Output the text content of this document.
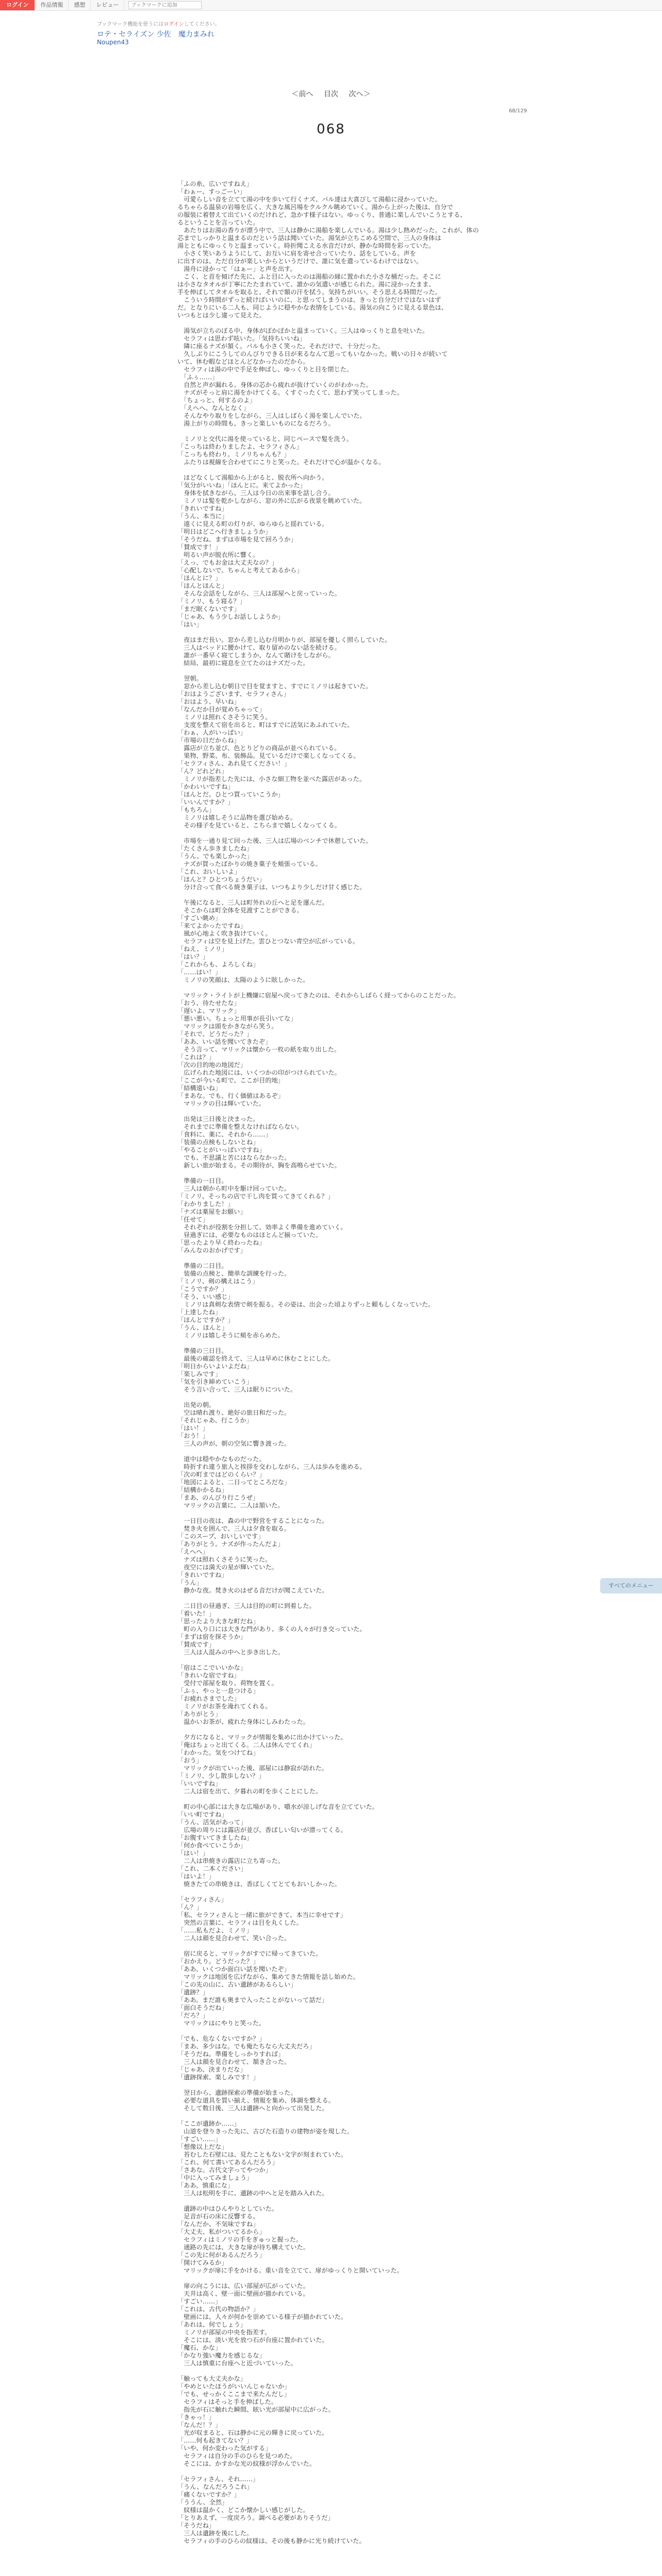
ログイン	作品情報	感想	レビュー
ブックマークに追加
ブックマーク機能を使うにはログインしてください。
ロテ・セライズン 少佐　魔力まみれ
Noupen43
＜前へ 目次 次へ＞
68/129
068
「ふの糸、広いですねえ」
「わぁー、すっごーい」
　可愛らしい音を立てて湯の中を歩いて行くナズ、パル達は大喜びして湯船に浸かっていた。
るちゃらる温泉の岩場を広く、大きな風呂場をクルクル眺めていく。湯から上がった後は、自分で
の服装に着替えて出ていくのだけれど、急かす様子はない。ゆっくり、普通に楽しんでいこうとする、
るということを言っていた。
　あたりはお湯の香りが漂う中で、三人は静かに湯船を楽しんでいる。湯は少し熱めだった。これが、体の
芯までしっかりと温まるのだという話は聞いていた。湯気が立ちこめる空間で、三人の身体は
湯とともにゆっくりと温まっていく。時折聞こえる水音だけが、静かな時間を彩っていた。
　小さく笑いあうようにして、お互いに肩を寄せ合っていたり、話をしている。声を
に出すのは、ただ自分が楽しいからというだけで、誰に気を遣っているわけではない。
　湯舟に浸かって「はぁー」と声を出す。
　こく、と首を傾げた先に、ふと目に入ったのは湯船の縁に置かれた小さな桶だった。そこに
は小さなタオルが丁寧にたたまれていて、誰かの気遣いが感じられた。湯に浸かったまま、
手を伸ばしてタオルを取ると、それで額の汗を拭う。気持ちがいい。そう思える時間だった。
　こういう時間がずっと続けばいいのに、と思ってしまうのは、きっと自分だけではないはず
だ。となりにいる二人も、同じように穏やかな表情をしている。湯気の向こうに見える景色は、
いつもとは少し違って見えた。
　湯気が立ちのぼる中、身体がぽかぽかと温まっていく。三人はゆっくりと息を吐いた。
　セラフィは思わず呟いた。「気持ちいいね」
　隣に座るナズが頷く。パルも小さく笑った。それだけで、十分だった。
　久しぶりにこうしてのんびりできる日が来るなんて思ってもいなかった。戦いの日々が続いて
いて、休む暇などほとんどなかったのだから。
　セラフィは湯の中で手足を伸ばし、ゆっくりと目を閉じた。
　「ふぅ……」
　自然と声が漏れる。身体の芯から疲れが抜けていくのがわかった。
　ナズがそっと肩に湯をかけてくる。くすぐったくて、思わず笑ってしまった。
　「ちょっと、何するのよ」
　「えへへ、なんとなく」
　そんなやり取りをしながら、三人はしばらく湯を楽しんでいた。
　湯上がりの時間も、きっと楽しいものになるだろう。
　ミノリと交代に湯を使っていると、同じペースで髪を洗う。
「こっちは終わりましたよ、セラフィさん」
「こっちも終わり。ミノリちゃんも？」
　ふたりは視線を合わせてにこりと笑った。それだけで心が温かくなる。
　ほどなくして湯船から上がると、脱衣所へ向かう。
「気分がいいね」「ほんとに。来てよかった」
　身体を拭きながら、三人は今日の出来事を話し合う。
　ミノリは髪を乾かしながら、窓の外に広がる夜景を眺めていた。
「きれいですね」
「うん、本当に」
　遠くに見える町の灯りが、ゆらゆらと揺れている。
「明日はどこへ行きましょうか」
「そうだね、まずは市場を見て回ろうか」
「賛成です！」
　明るい声が脱衣所に響く。
「えっ、でもお金は大丈夫なの？」
「心配しないで。ちゃんと考えてあるから」
「ほんとに？」
「ほんとほんと」
　そんな会話をしながら、三人は部屋へと戻っていった。
「ミノリ、もう寝る？」
「まだ眠くないです」
「じゃあ、もう少しお話ししようか」
「はい」
　夜はまだ長い。窓から差し込む月明かりが、部屋を優しく照らしていた。
　三人はベッドに腰かけて、取り留めのない話を続ける。
　誰が一番早く寝てしまうか、なんて賭けをしながら。
　結局、最初に寝息を立てたのはナズだった。
　翌朝。
　窓から差し込む朝日で目を覚ますと、すでにミノリは起きていた。
「おはようございます、セラフィさん」
「おはよう、早いね」
「なんだか目が覚めちゃって」
　ミノリは照れくさそうに笑う。
　支度を整えて宿を出ると、町はすでに活気にあふれていた。
「わぁ、人がいっぱい」
「市場の日だからね」
　露店が立ち並び、色とりどりの商品が並べられている。
　果物、野菜、布、装飾品。見ているだけで楽しくなってくる。
「セラフィさん、あれ見てください！」
「ん？どれどれ」
　ミノリが指差した先には、小さな細工物を並べた露店があった。
「かわいいですね」
「ほんとだ。ひとつ買っていこうか」
「いいんですか？」
「もちろん」
　ミノリは嬉しそうに品物を選び始める。
　その様子を見ていると、こちらまで嬉しくなってくる。
　市場を一通り見て回った後、三人は広場のベンチで休憩していた。
「たくさん歩きましたね」
「うん、でも楽しかった」
　ナズが買ったばかりの焼き菓子を頬張っている。
「これ、おいしいよ」
「ほんと？ひとつちょうだい」
　分け合って食べる焼き菓子は、いつもより少しだけ甘く感じた。
　午後になると、三人は町外れの丘へと足を運んだ。
　そこからは町全体を見渡すことができる。
「すごい眺め」
「来てよかったですね」
　風が心地よく吹き抜けていく。
　セラフィは空を見上げた。雲ひとつない青空が広がっている。
「ねえ、ミノリ」
「はい？」
「これからも、よろしくね」
「……はい！」
　ミノリの笑顔は、太陽のように眩しかった。
　マリック・ライトが上機嫌に宿屋へ戻ってきたのは、それからしばらく経ってからのことだった。
「おう、待たせたな」
「遅いよ、マリック」
「悪い悪い。ちょっと用事が長引いてな」
　マリックは頭をかきながら笑う。
「それで、どうだった？」
「ああ、いい話を聞いてきたぞ」
　そう言って、マリックは懐から一枚の紙を取り出した。
「これは？」
「次の目的地の地図だ」
　広げられた地図には、いくつかの印がつけられていた。
「ここが今いる町で、ここが目的地」
「結構遠いね」
「まあな。でも、行く価値はあるぞ」
　マリックの目は輝いていた。
　出発は三日後と決まった。
　それまでに準備を整えなければならない。
「食料に、薬に、それから……」
「装備の点検もしないとね」
「やることがいっぱいですね」
　でも、不思議と苦にはならなかった。
　新しい旅が始まる。その期待が、胸を高鳴らせていた。
　準備の一日目。
　三人は朝から町中を駆け回っていた。
「ミノリ、そっちの店で干し肉を買ってきてくれる？」
「わかりました！」
「ナズは薬屋をお願い」
「任せて」
　それぞれが役割を分担して、効率よく準備を進めていく。
　昼過ぎには、必要なものはほとんど揃っていた。
「思ったより早く終わったね」
「みんなのおかげです」
　準備の二日目。
　装備の点検と、簡単な訓練を行った。
「ミノリ、剣の構えはこう」
「こうですか？」
「そう、いい感じ」
　ミノリは真剣な表情で剣を振る。その姿は、出会った頃よりずっと頼もしくなっていた。
「上達したね」
「ほんとですか？」
「うん、ほんと」
　ミノリは嬉しそうに頬を赤らめた。
　準備の三日目。
　最後の確認を終えて、三人は早めに休むことにした。
「明日からいよいよだね」
「楽しみです」
「気を引き締めていこう」
　そう言い合って、三人は眠りについた。
　出発の朝。
　空は晴れ渡り、絶好の旅日和だった。
「それじゃあ、行こうか」
「はい！」
「おう！」
　三人の声が、朝の空気に響き渡った。
　道中は穏やかなものだった。
　時折すれ違う旅人と挨拶を交わしながら、三人は歩みを進める。
「次の町まではどのくらい？」
「地図によると、二日ってところだな」
「結構かかるね」
「まあ、のんびり行こうぜ」
　マリックの言葉に、二人は頷いた。
　一日目の夜は、森の中で野営をすることになった。
　焚き火を囲んで、三人は夕食を取る。
「このスープ、おいしいです」
「ありがとう。ナズが作ったんだよ」
「えへへ」
　ナズは照れくさそうに笑った。
　夜空には満天の星が輝いていた。
「きれいですね」
「うん」
　静かな夜。焚き火のはぜる音だけが聞こえていた。
　二日目の昼過ぎ、三人は目的の町に到着した。
「着いた！」
「思ったより大きな町だね」
　町の入り口には大きな門があり、多くの人々が行き交っていた。
「まずは宿を探そうか」
「賛成です」
　三人は人混みの中へと歩き出した。
「宿はここでいいかな」
「きれいな宿ですね」
　受付で部屋を取り、荷物を置く。
「ふぅ、やっと一息つける」
「お疲れさまでした」
　ミノリがお茶を淹れてくれる。
「ありがとう」
　温かいお茶が、疲れた身体にしみわたった。
　夕方になると、マリックが情報を集めに出かけていった。
「俺はちょっと出てくる。二人は休んでてくれ」
「わかった。気をつけてね」
「おう」
　マリックが出ていった後、部屋には静寂が訪れた。
「ミノリ、少し散歩しない？」
「いいですね」
　二人は宿を出て、夕暮れの町を歩くことにした。
　町の中心部には大きな広場があり、噴水が涼しげな音を立てていた。
「いい町ですね」
「うん、活気があって」
　広場の周りには露店が並び、香ばしい匂いが漂ってくる。
「お腹すいてきましたね」
「何か食べていこうか」
「はい！」
　二人は串焼きの露店に立ち寄った。
「これ、二本ください」
「はいよ！」
　焼きたての串焼きは、香ばしくてとてもおいしかった。
「セラフィさん」
「ん？」
「私、セラフィさんと一緒に旅ができて、本当に幸せです」
　突然の言葉に、セラフィは目を丸くした。
「……私もだよ、ミノリ」
　二人は顔を見合わせて、笑い合った。
　宿に戻ると、マリックがすでに帰ってきていた。
「おかえり。どうだった？」
「ああ、いくつか面白い話を聞いたぞ」
　マリックは地図を広げながら、集めてきた情報を話し始めた。
「この先の山に、古い遺跡があるらしい」
「遺跡？」
「ああ。まだ誰も奥まで入ったことがないって話だ」
「面白そうだね」
「だろ？」
　マリックはにやりと笑った。
「でも、危なくないですか？」
「まあ、多少はな。でも俺たちなら大丈夫だろ」
「そうだね。準備をしっかりすれば」
　三人は顔を見合わせて、頷き合った。
「じゃあ、決まりだな」
「遺跡探索、楽しみです！」
　翌日から、遺跡探索の準備が始まった。
　必要な道具を買い揃え、情報を集め、体調を整える。
　そして数日後、三人は遺跡へと向かって出発した。
「ここが遺跡か……」
　山道を登りきった先に、古びた石造りの建物が姿を現した。
「すごい……」
「想像以上だな」
　苔むした石壁には、見たこともない文字が刻まれていた。
「これ、何て書いてあるんだろう」
「さあな。古代文字ってやつか」
「中に入ってみましょう」
「ああ、慎重にな」
　三人は松明を手に、遺跡の中へと足を踏み入れた。
　遺跡の中はひんやりとしていた。
　足音が石の床に反響する。
「なんだか、不気味ですね」
「大丈夫、私がついてるから」
　セラフィはミノリの手をぎゅっと握った。
　通路の先には、大きな扉が待ち構えていた。
「この先に何があるんだろう」
「開けてみるか」
　マリックが扉に手をかける。重い音を立てて、扉がゆっくりと開いていった。
　扉の向こうには、広い部屋が広がっていた。
　天井は高く、壁一面に壁画が描かれている。
「すごい……」
「これは、古代の物語か？」
　壁画には、人々が何かを崇めている様子が描かれていた。
「あれは、何でしょう」
　ミノリが部屋の中央を指差す。
　そこには、淡い光を放つ石が台座に置かれていた。
「魔石、かな」
「かなり強い魔力を感じるな」
　三人は慎重に台座へと近づいていった。
「触っても大丈夫かな」
「やめといたほうがいいんじゃないか」
「でも、せっかくここまで来たんだし」
　セラフィはそっと手を伸ばした。
　指先が石に触れた瞬間、眩い光が部屋中に広がった。
「きゃっ！」
「なんだ！？」
　光が収まると、石は静かに元の輝きに戻っていた。
「……何も起きてない？」
「いや、何か変わった気がする」
　セラフィは自分の手のひらを見つめた。
　そこには、かすかな光の紋様が浮かんでいた。
「セラフィさん、それ……」
「うん、なんだろうこれ」
「痛くないですか？」
「ううん、全然」
　紋様は温かく、どこか懐かしい感じがした。
「とりあえず、一度戻ろう。調べる必要がありそうだ」
「そうだね」
　三人は遺跡を後にした。
　セラフィの手のひらの紋様は、その後も静かに光り続けていた。
すべてのメニュー
